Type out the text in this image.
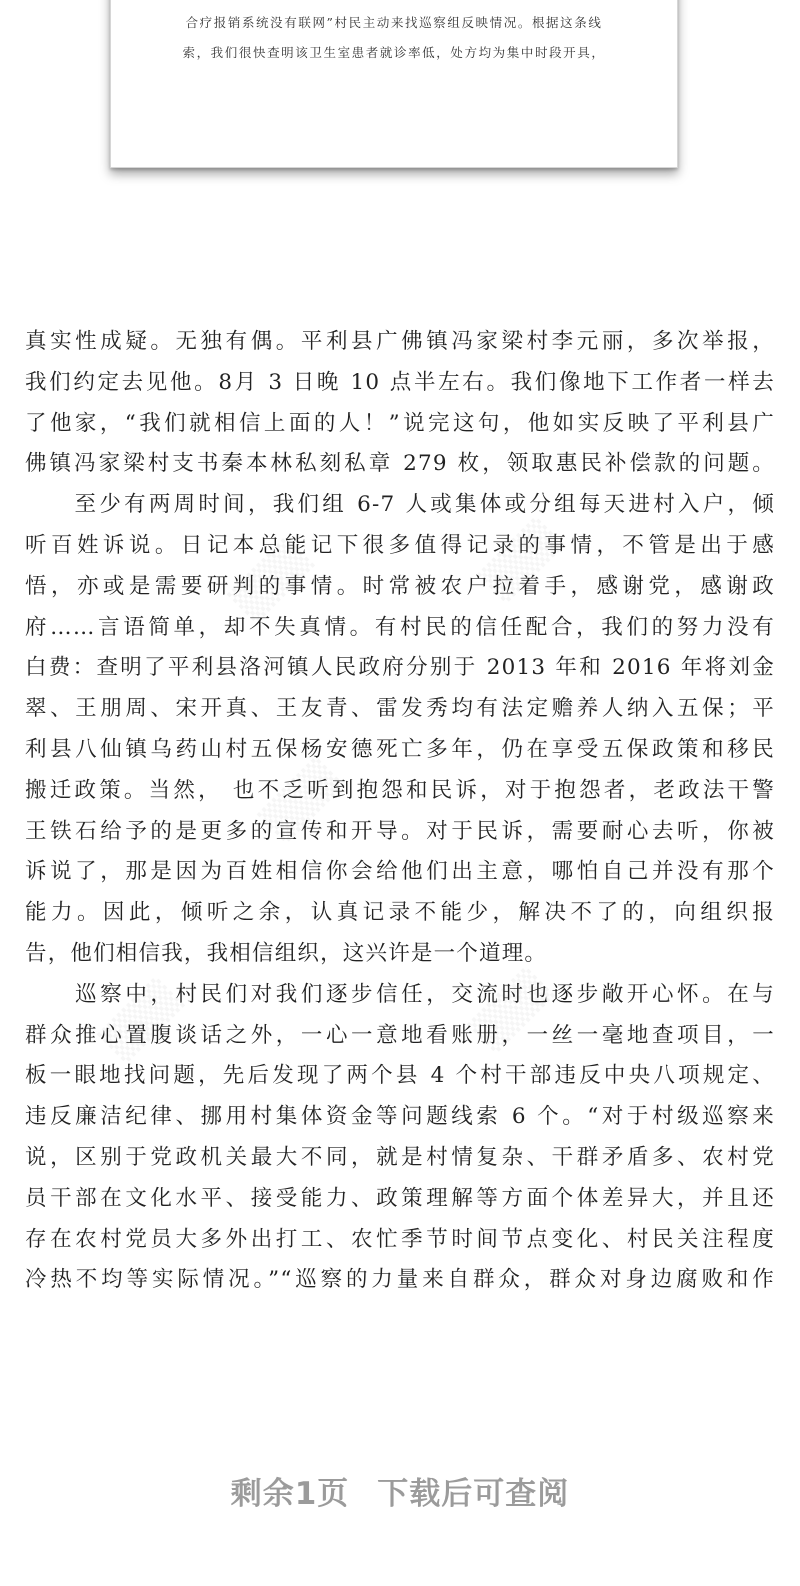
合疗报销系统没有联网”村民主动来找巡察组反映情况。根据这条线
索，我们很快查明该卫生室患者就诊率低，处方均为集中时段开具，
▒▒▒	▒▒▒
▒▒▒
▒▒▒	▒▒▒
真实性成疑。无独有偶。平利县广佛镇冯家梁村李元丽，多次举报，
我们约定去见他。8月 3 日晚 10 点半左右。我们像地下工作者一样去
了他家，“我们就相信上面的人！”说完这句，他如实反映了平利县广
佛镇冯家梁村支书秦本林私刻私章 279 枚，领取惠民补偿款的问题。
　　至少有两周时间，我们组 6-7 人或集体或分组每天进村入户，倾
听百姓诉说。日记本总能记下很多值得记录的事情，不管是出于感
悟，亦或是需要研判的事情。时常被农户拉着手，感谢党，感谢政
府……言语简单，却不失真情。有村民的信任配合，我们的努力没有
白费：查明了平利县洛河镇人民政府分别于 2013 年和 2016 年将刘金
翠、王朋周、宋开真、王友青、雷发秀均有法定赡养人纳入五保；平
利县八仙镇乌药山村五保杨安德死亡多年，仍在享受五保政策和移民
搬迁政策。当然， 也不乏听到抱怨和民诉，对于抱怨者，老政法干警
王铁石给予的是更多的宣传和开导。对于民诉，需要耐心去听，你被
诉说了，那是因为百姓相信你会给他们出主意，哪怕自己并没有那个
能力。因此，倾听之余，认真记录不能少，解决不了的，向组织报
告，他们相信我，我相信组织，这兴许是一个道理。
　　巡察中，村民们对我们逐步信任，交流时也逐步敞开心怀。在与
群众推心置腹谈话之外，一心一意地看账册，一丝一毫地查项目，一
板一眼地找问题，先后发现了两个县 4 个村干部违反中央八项规定、
违反廉洁纪律、挪用村集体资金等问题线索 6 个。“对于村级巡察来
说，区别于党政机关最大不同，就是村情复杂、干群矛盾多、农村党
员干部在文化水平、接受能力、政策理解等方面个体差异大，并且还
存在农村党员大多外出打工、农忙季节时间节点变化、村民关注程度
冷热不均等实际情况。”“巡察的力量来自群众，群众对身边腐败和作
剩余1页 下载后可查阅
